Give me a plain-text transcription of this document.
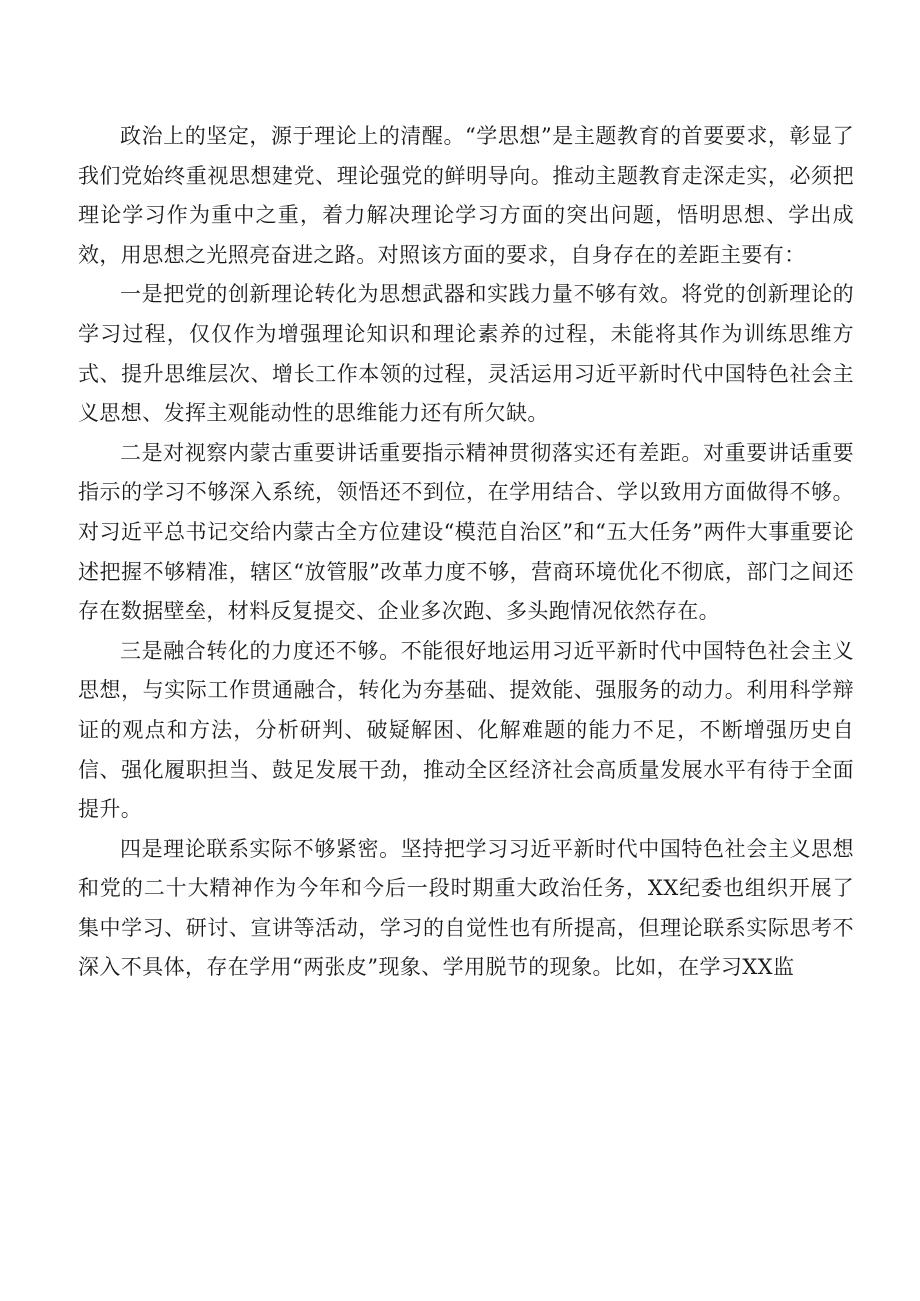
政治上的坚定，源于理论上的清醒。“学思想”是主题教育的首要要求，彰显了我们党始终重视思想建党、理论强党的鲜明导向。推动主题教育走深走实，必须把理论学习作为重中之重，着力解决理论学习方面的突出问题，悟明思想、学出成效，用思想之光照亮奋进之路。对照该方面的要求，自身存在的差距主要有：

一是把党的创新理论转化为思想武器和实践力量不够有效。将党的创新理论的学习过程，仅仅作为增强理论知识和理论素养的过程，未能将其作为训练思维方式、提升思维层次、增长工作本领的过程，灵活运用习近平新时代中国特色社会主义思想、发挥主观能动性的思维能力还有所欠缺。

二是对视察内蒙古重要讲话重要指示精神贯彻落实还有差距。对重要讲话重要指示的学习不够深入系统，领悟还不到位，在学用结合、学以致用方面做得不够。对习近平总书记交给内蒙古全方位建设“模范自治区”和“五大任务”两件大事重要论述把握不够精准，辖区“放管服”改革力度不够，营商环境优化不彻底，部门之间还存在数据壁垒，材料反复提交、企业多次跑、多头跑情况依然存在。

三是融合转化的力度还不够。不能很好地运用习近平新时代中国特色社会主义思想，与实际工作贯通融合，转化为夯基础、提效能、强服务的动力。利用科学辩证的观点和方法，分析研判、破疑解困、化解难题的能力不足，不断增强历史自信、强化履职担当、鼓足发展干劲，推动全区经济社会高质量发展水平有待于全面提升。

四是理论联系实际不够紧密。坚持把学习习近平新时代中国特色社会主义思想和党的二十大精神作为今年和今后一段时期重大政治任务，XX纪委也组织开展了集中学习、研讨、宣讲等活动，学习的自觉性也有所提高，但理论联系实际思考不深入不具体，存在学用“两张皮”现象、学用脱节的现象。比如，在学习XX监
